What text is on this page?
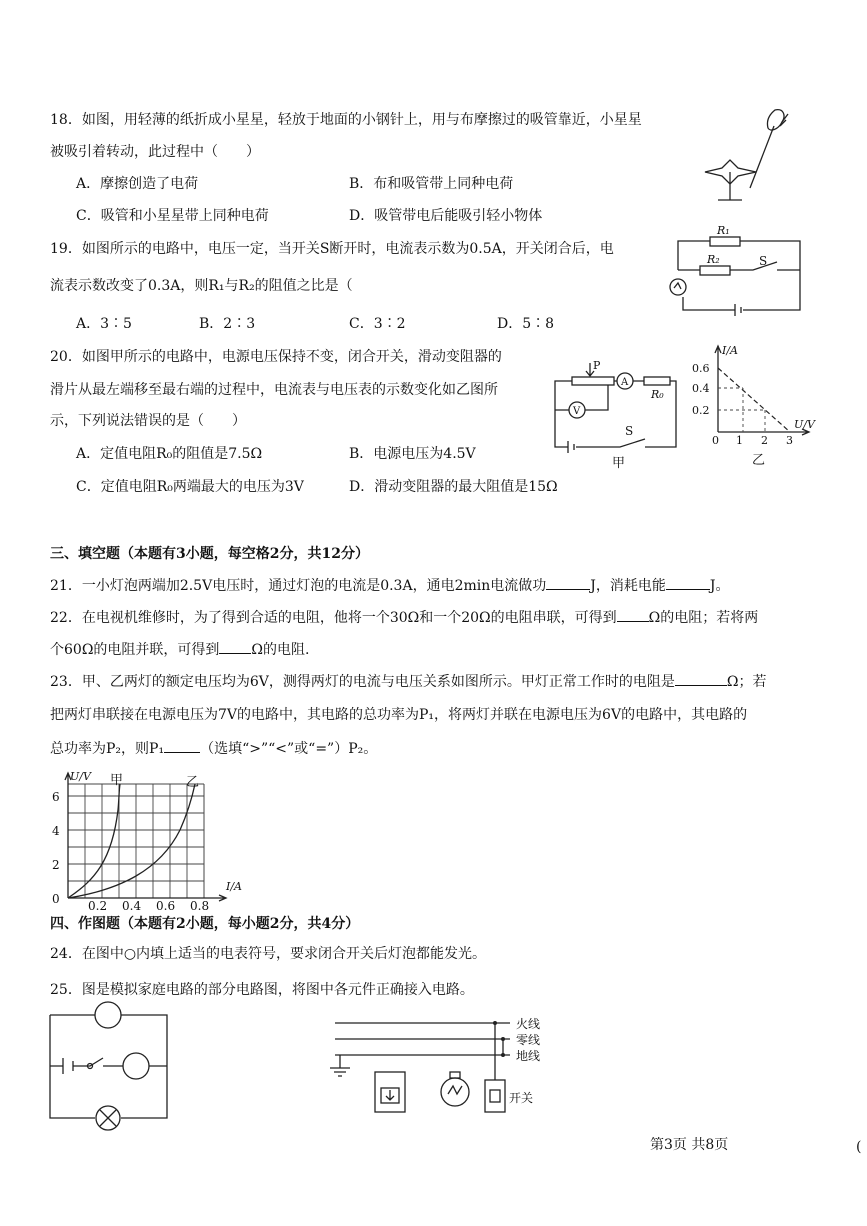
18．如图，用轻薄的纸折成小星星，轻放于地面的小钢针上，用与布摩擦过的吸管靠近，小星星
被吸引着转动，此过程中（　　）
A．摩擦创造了电荷	B．布和吸管带上同种电荷
C．吸管和小星星带上同种电荷	D．吸管带电后能吸引轻小物体
19．如图所示的电路中，电压一定，当开关S断开时，电流表示数为0.5A，开关闭合后，电
流表示数改变了0.3A，则R₁与R₂的阻值之比是（
A．3∶5	B．2∶3	C．3∶2	D．5∶8
R₁
R₂	S
20．如图甲所示的电路中，电源电压保持不变，闭合开关，滑动变阻器的
滑片从最左端移至最右端的过程中，电流表与电压表的示数变化如乙图所
示，下列说法错误的是（　　）
A．定值电阻R₀的阻值是7.5Ω	B．电源电压为4.5V
C．定值电阻R₀两端最大的电压为3V	D．滑动变阻器的最大阻值是15Ω
P
A
R₀
V
S
甲
I/A
U/V
0.6
0.4
0.2
0 1 2 3
乙
三、填空题（本题有3小题，每空格2分，共12分）
21．一小灯泡两端加2.5V电压时，通过灯泡的电流是0.3A，通电2min电流做功	J，消耗电能	J。
22．在电视机维修时，为了得到合适的电阻，他将一个30Ω和一个20Ω的电阻串联，可得到 Ω的电阻；若将两
个60Ω的电阻并联，可得到 Ω的电阻.
23．甲、乙两灯的额定电压均为6V，测得两灯的电流与电压关系如图所示。甲灯正常工作时的电阻是	Ω；若
把两灯串联接在电源电压为7V的电路中，其电路的总功率为P₁，将两灯并联在电源电压为6V的电路中，其电路的
总功率为P₂，则P₁	（选填“>”“<”或“=”）P₂。
U/V
I/A
6
4
2
0 0.2 0.4 0.6 0.8
甲	乙
四、作图题（本题有2小题，每小题2分，共4分）
24．在图中○内填上适当的电表符号，要求闭合开关后灯泡都能发光。
25．图是模拟家庭电路的部分电路图，将图中各元件正确接入电路。
火线
零线
地线
开关
第3页 共8页	(
